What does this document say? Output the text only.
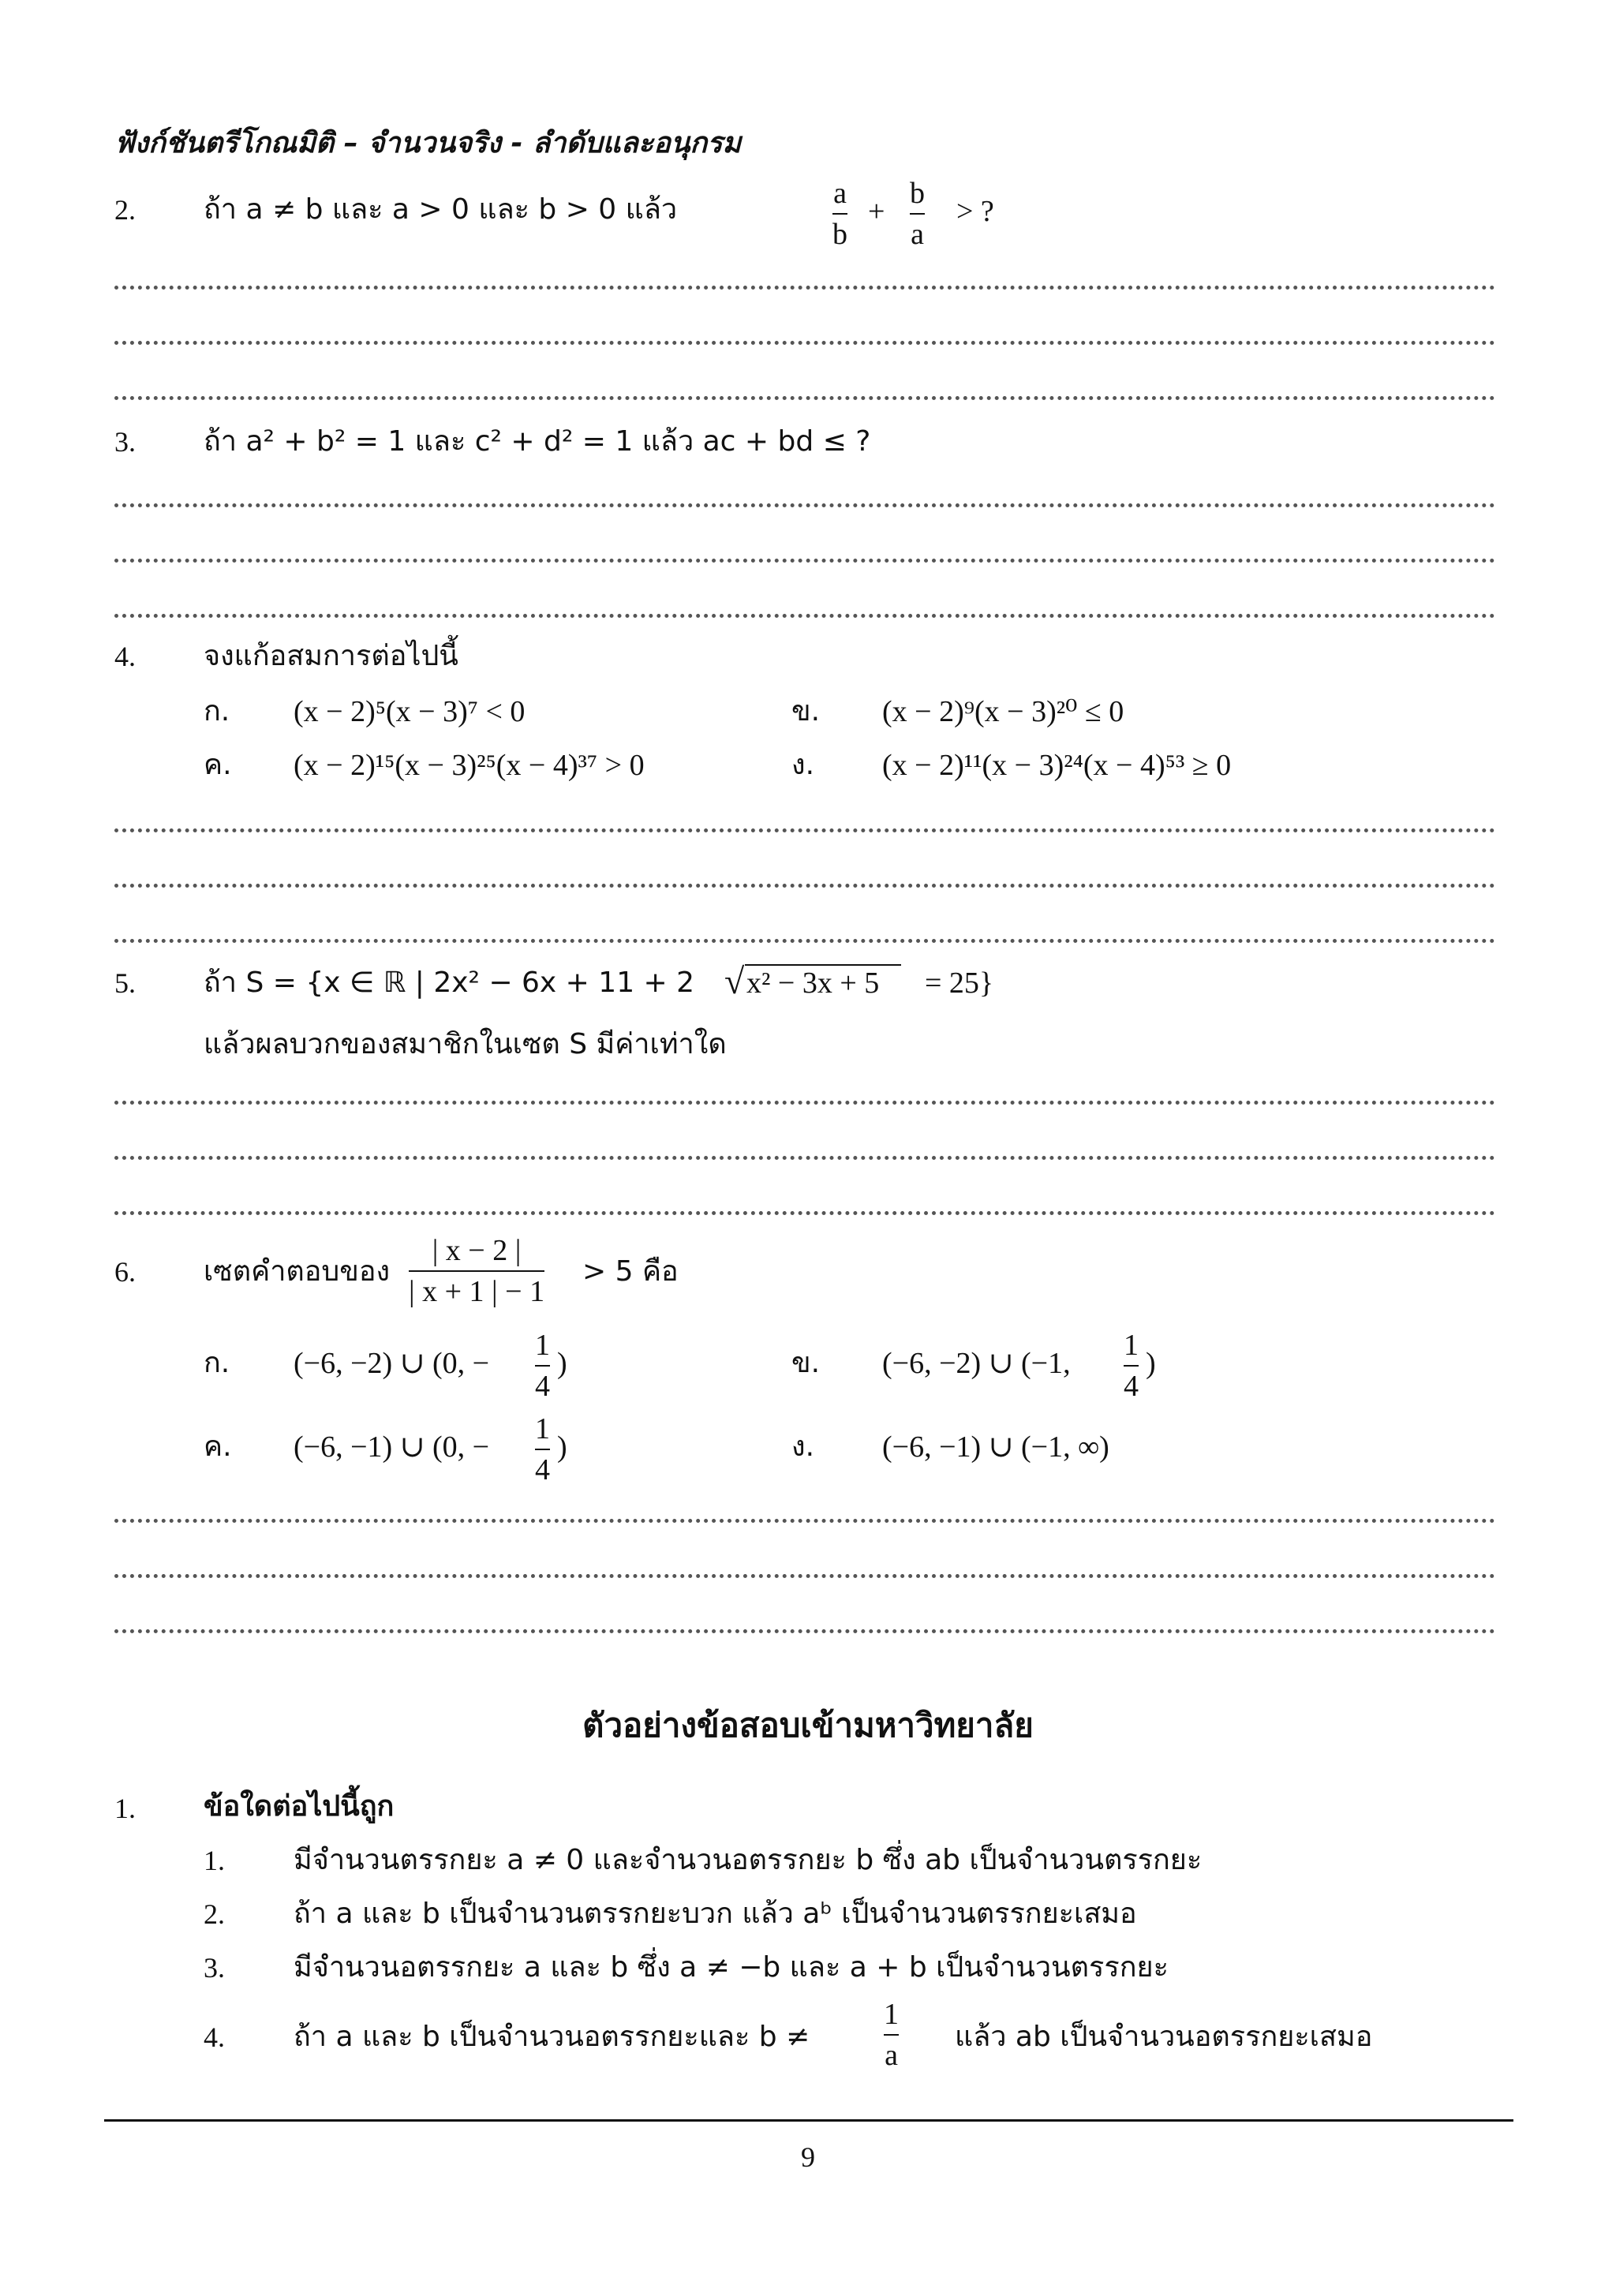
ฟังก์ชันตรีโกณมิติ – จำนวนจริง - ลำดับและอนุกรม
2. ถ้า a ≠ b และ a > 0 และ b > 0 แล้ว	a
b
+
b
a
> ?
3. ถ้า a² + b² = 1 และ c² + d² = 1 แล้ว ac + bd ≤ ?
4. จงแก้อสมการต่อไปนี้
ก. (x − 2)⁵(x − 3)⁷ < 0	ข. (x − 2)⁹(x − 3)²⁰ ≤ 0
ค. (x − 2)¹⁵(x − 3)²⁵(x − 4)³⁷ > 0	ง. (x − 2)¹¹(x − 3)²⁴(x − 4)⁵³ ≥ 0
5. ถ้า S = {x ∈ ℝ | 2x² − 6x + 11 + 2 √ x² − 3x + 5 = 25}
แล้วผลบวกของสมาชิกในเซต S มีค่าเท่าใด
6. เซตคำตอบของ
| x − 2 |
| x + 1 | − 1
> 5 คือ
ก. (−6, −2) ∪ (0, −
1
4
)	ข. (−6, −2) ∪ (−1,
1
4
)
ค. (−6, −1) ∪ (0, −
1
4
)	ง. (−6, −1) ∪ (−1, ∞)
ตัวอย่างข้อสอบเข้ามหาวิทยาลัย
1. ข้อใดต่อไปนี้ถูก
1. มีจำนวนตรรกยะ a ≠ 0 และจำนวนอตรรกยะ b ซึ่ง ab เป็นจำนวนตรรกยะ
2. ถ้า a และ b เป็นจำนวนตรรกยะบวก แล้ว aᵇ เป็นจำนวนตรรกยะเสมอ
3. มีจำนวนอตรรกยะ a และ b ซึ่ง a ≠ −b และ a + b เป็นจำนวนตรรกยะ
4. ถ้า a และ b เป็นจำนวนอตรรกยะและ b ≠
1
a
แล้ว ab เป็นจำนวนอตรรกยะเสมอ
9
